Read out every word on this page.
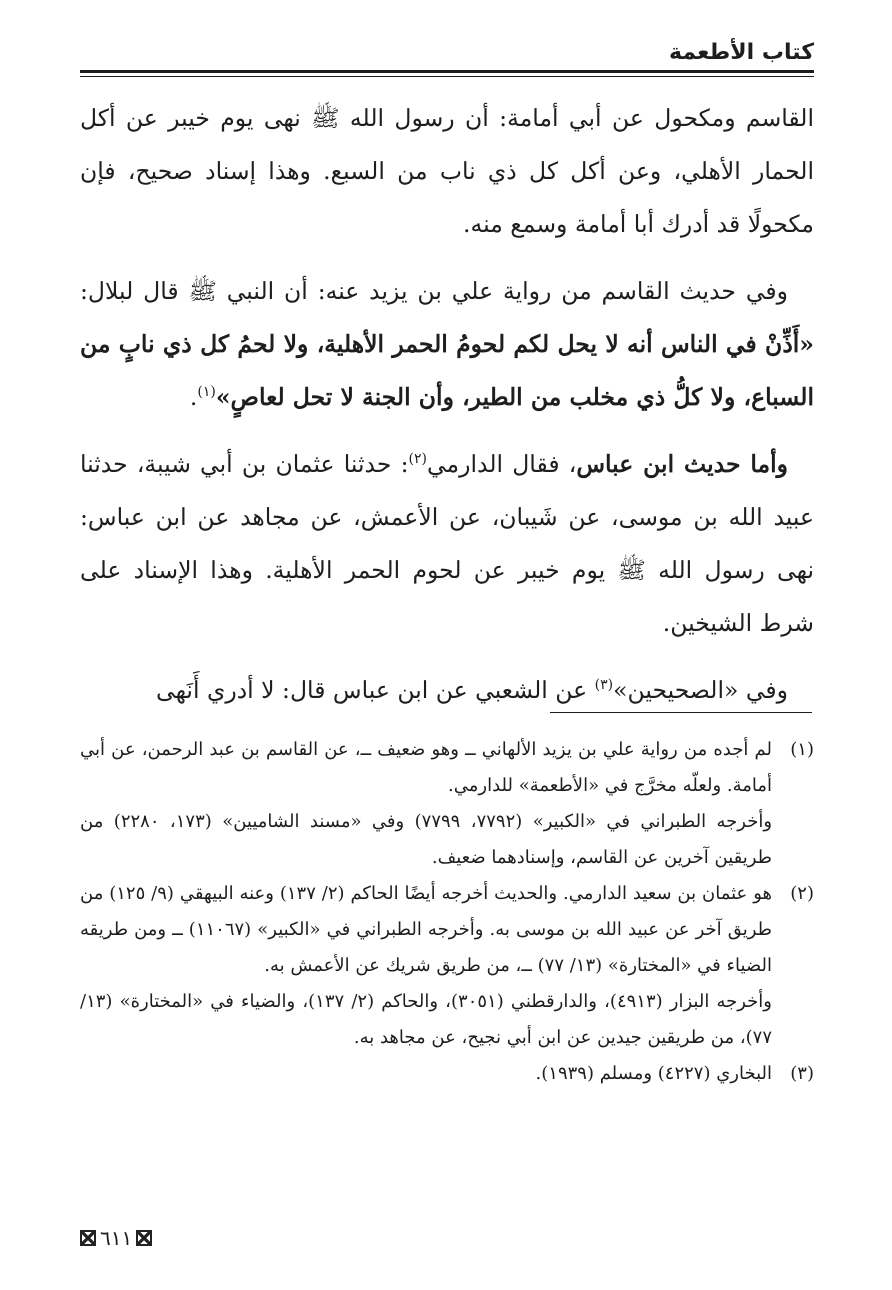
كتاب الأطعمة

القاسم ومكحول عن أبي أمامة: أن رسول الله ﷺ نهى يوم خيبر عن أكل الحمار الأهلي، وعن أكل كل ذي ناب من السبع. وهذا إسناد صحيح، فإن مكحولًا قد أدرك أبا أمامة وسمع منه.

وفي حديث القاسم من رواية علي بن يزيد عنه: أن النبي ﷺ قال لبلال: «أَذِّنْ في الناس أنه لا يحل لكم لحومُ الحمر الأهلية، ولا لحمُ كل ذي نابٍ من السباع، ولا كلُّ ذي مخلب من الطير، وأن الجنة لا تحل لعاصٍ»$^{(١)}$.

وأما حديث ابن عباس، فقال الدارمي$^{(٢)}$: حدثنا عثمان بن أبي شيبة، حدثنا عبيد الله بن موسى، عن شَيبان، عن الأعمش، عن مجاهد عن ابن عباس: نهى رسول الله ﷺ يوم خيبر عن لحوم الحمر الأهلية. وهذا الإسناد على شرط الشيخين.

وفي «الصحيحين»$^{(٣)}$ عن الشعبي عن ابن عباس قال: لا أدري أَنَهى

(١)
لم أجده من رواية علي بن يزيد الألهاني ــ وهو ضعيف ــ، عن القاسم بن عبد الرحمن، عن أبي أمامة. ولعلّه مخرَّج في «الأطعمة» للدارمي.

وأخرجه الطبراني في «الكبير» (٧٧٩٢، ٧٧٩٩) وفي «مسند الشاميين» (١٧٣، ٢٢٨٠) من طريقين آخرين عن القاسم، وإسنادهما ضعيف.

(٢)
هو عثمان بن سعيد الدارمي. والحديث أخرجه أيضًا الحاكم (٢/ ١٣٧) وعنه البيهقي (٩/ ١٢٥) من طريق آخر عن عبيد الله بن موسى به. وأخرجه الطبراني في «الكبير» (١١٠٦٧) ــ ومن طريقه الضياء في «المختارة» (١٣/ ٧٧) ــ، من طريق شريك عن الأعمش به.

وأخرجه البزار (٤٩١٣)، والدارقطني (٣٠٥١)، والحاكم (٢/ ١٣٧)، والضياء في «المختارة» (١٣/ ٧٧)، من طريقين جيدين عن ابن أبي نجيح، عن مجاهد به.

(٣)
البخاري (٤٢٢٧) ومسلم (١٩٣٩).

٦١١
